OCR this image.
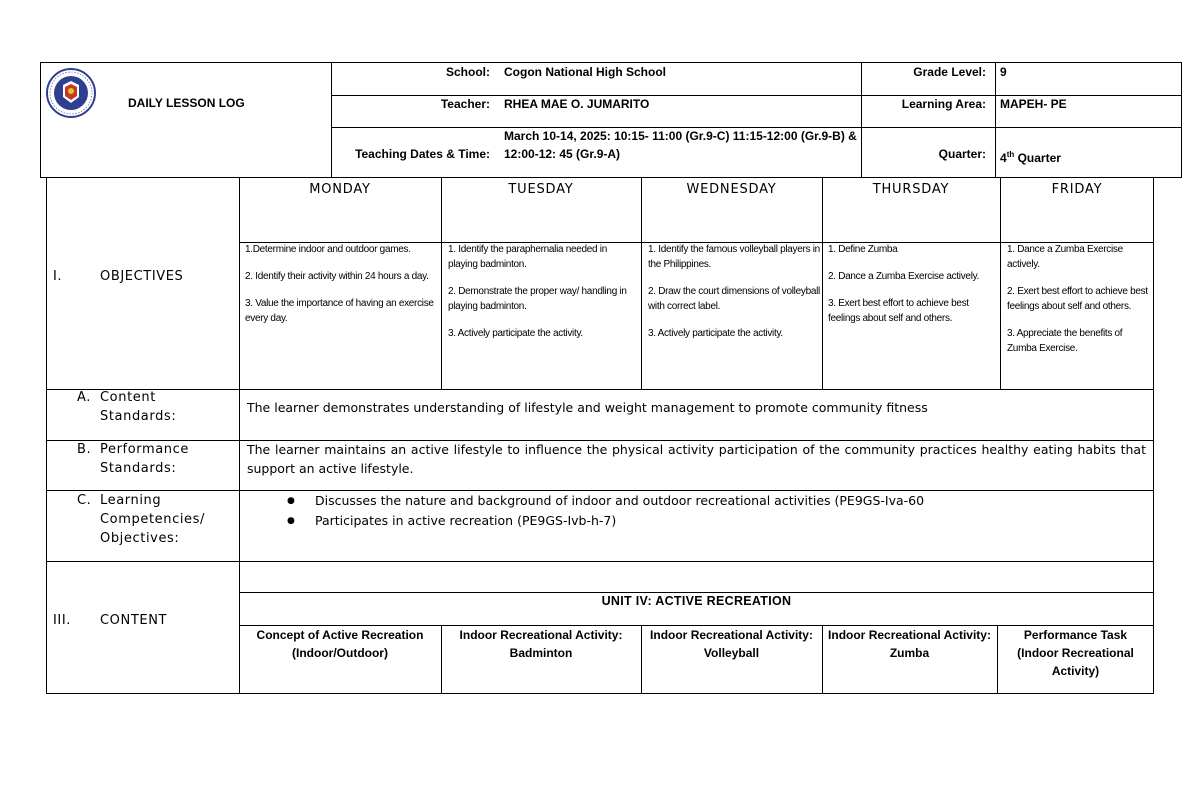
DAILY LESSON LOG
School: Cogon National High School	Grade Level: 9
Teacher: RHEA MAE O. JUMARITO	Learning Area: MAPEH- PE
Teaching Dates & Time:
March 10-14, 2025: 10:15- 11:00 (Gr.9-C) 11:15-12:00 (Gr.9-B) &
12:00-12: 45 (Gr.9-A)	Quarter: 4th Quarter
MONDAY	TUESDAY	WEDNESDAY	THURSDAY	FRIDAY
I.	OBJECTIVES
1.Determine indoor and outdoor games.
2. Identify their activity within 24 hours a day.
3. Value the importance of having an exercise every day.
1. Identify the paraphernalia needed in playing badminton.
2. Demonstrate the proper way/ handling in playing badminton.
3. Actively participate the activity.
1. Identify the famous volleyball players in the Philippines.
2. Draw the court dimensions of volleyball with correct label.
3. Actively participate the activity.
1. Define Zumba
2. Dance a Zumba Exercise actively.
3. Exert best effort to achieve best feelings about self and others.
1. Dance a Zumba Exercise actively.
2. Exert best effort to achieve best feelings about self and others.
3. Appreciate the benefits of Zumba Exercise.
A. Content
Standards:
The learner demonstrates understanding of lifestyle and weight management to promote community fitness
B. Performance
Standards:
The learner maintains an active lifestyle to influence the physical activity participation of the community practices healthy eating habits that support an active lifestyle.
C. Learning
Competencies/
Objectives:
● Discusses the nature and background of indoor and outdoor recreational activities (PE9GS-Iva-60
● Participates in active recreation (PE9GS-Ivb-h-7)
III. CONTENT
UNIT IV: ACTIVE RECREATION
Concept of Active Recreation
(Indoor/Outdoor)
Indoor Recreational Activity:
Badminton
Indoor Recreational Activity:
Volleyball
Indoor Recreational Activity:
Zumba
Performance Task
(Indoor Recreational
Activity)
